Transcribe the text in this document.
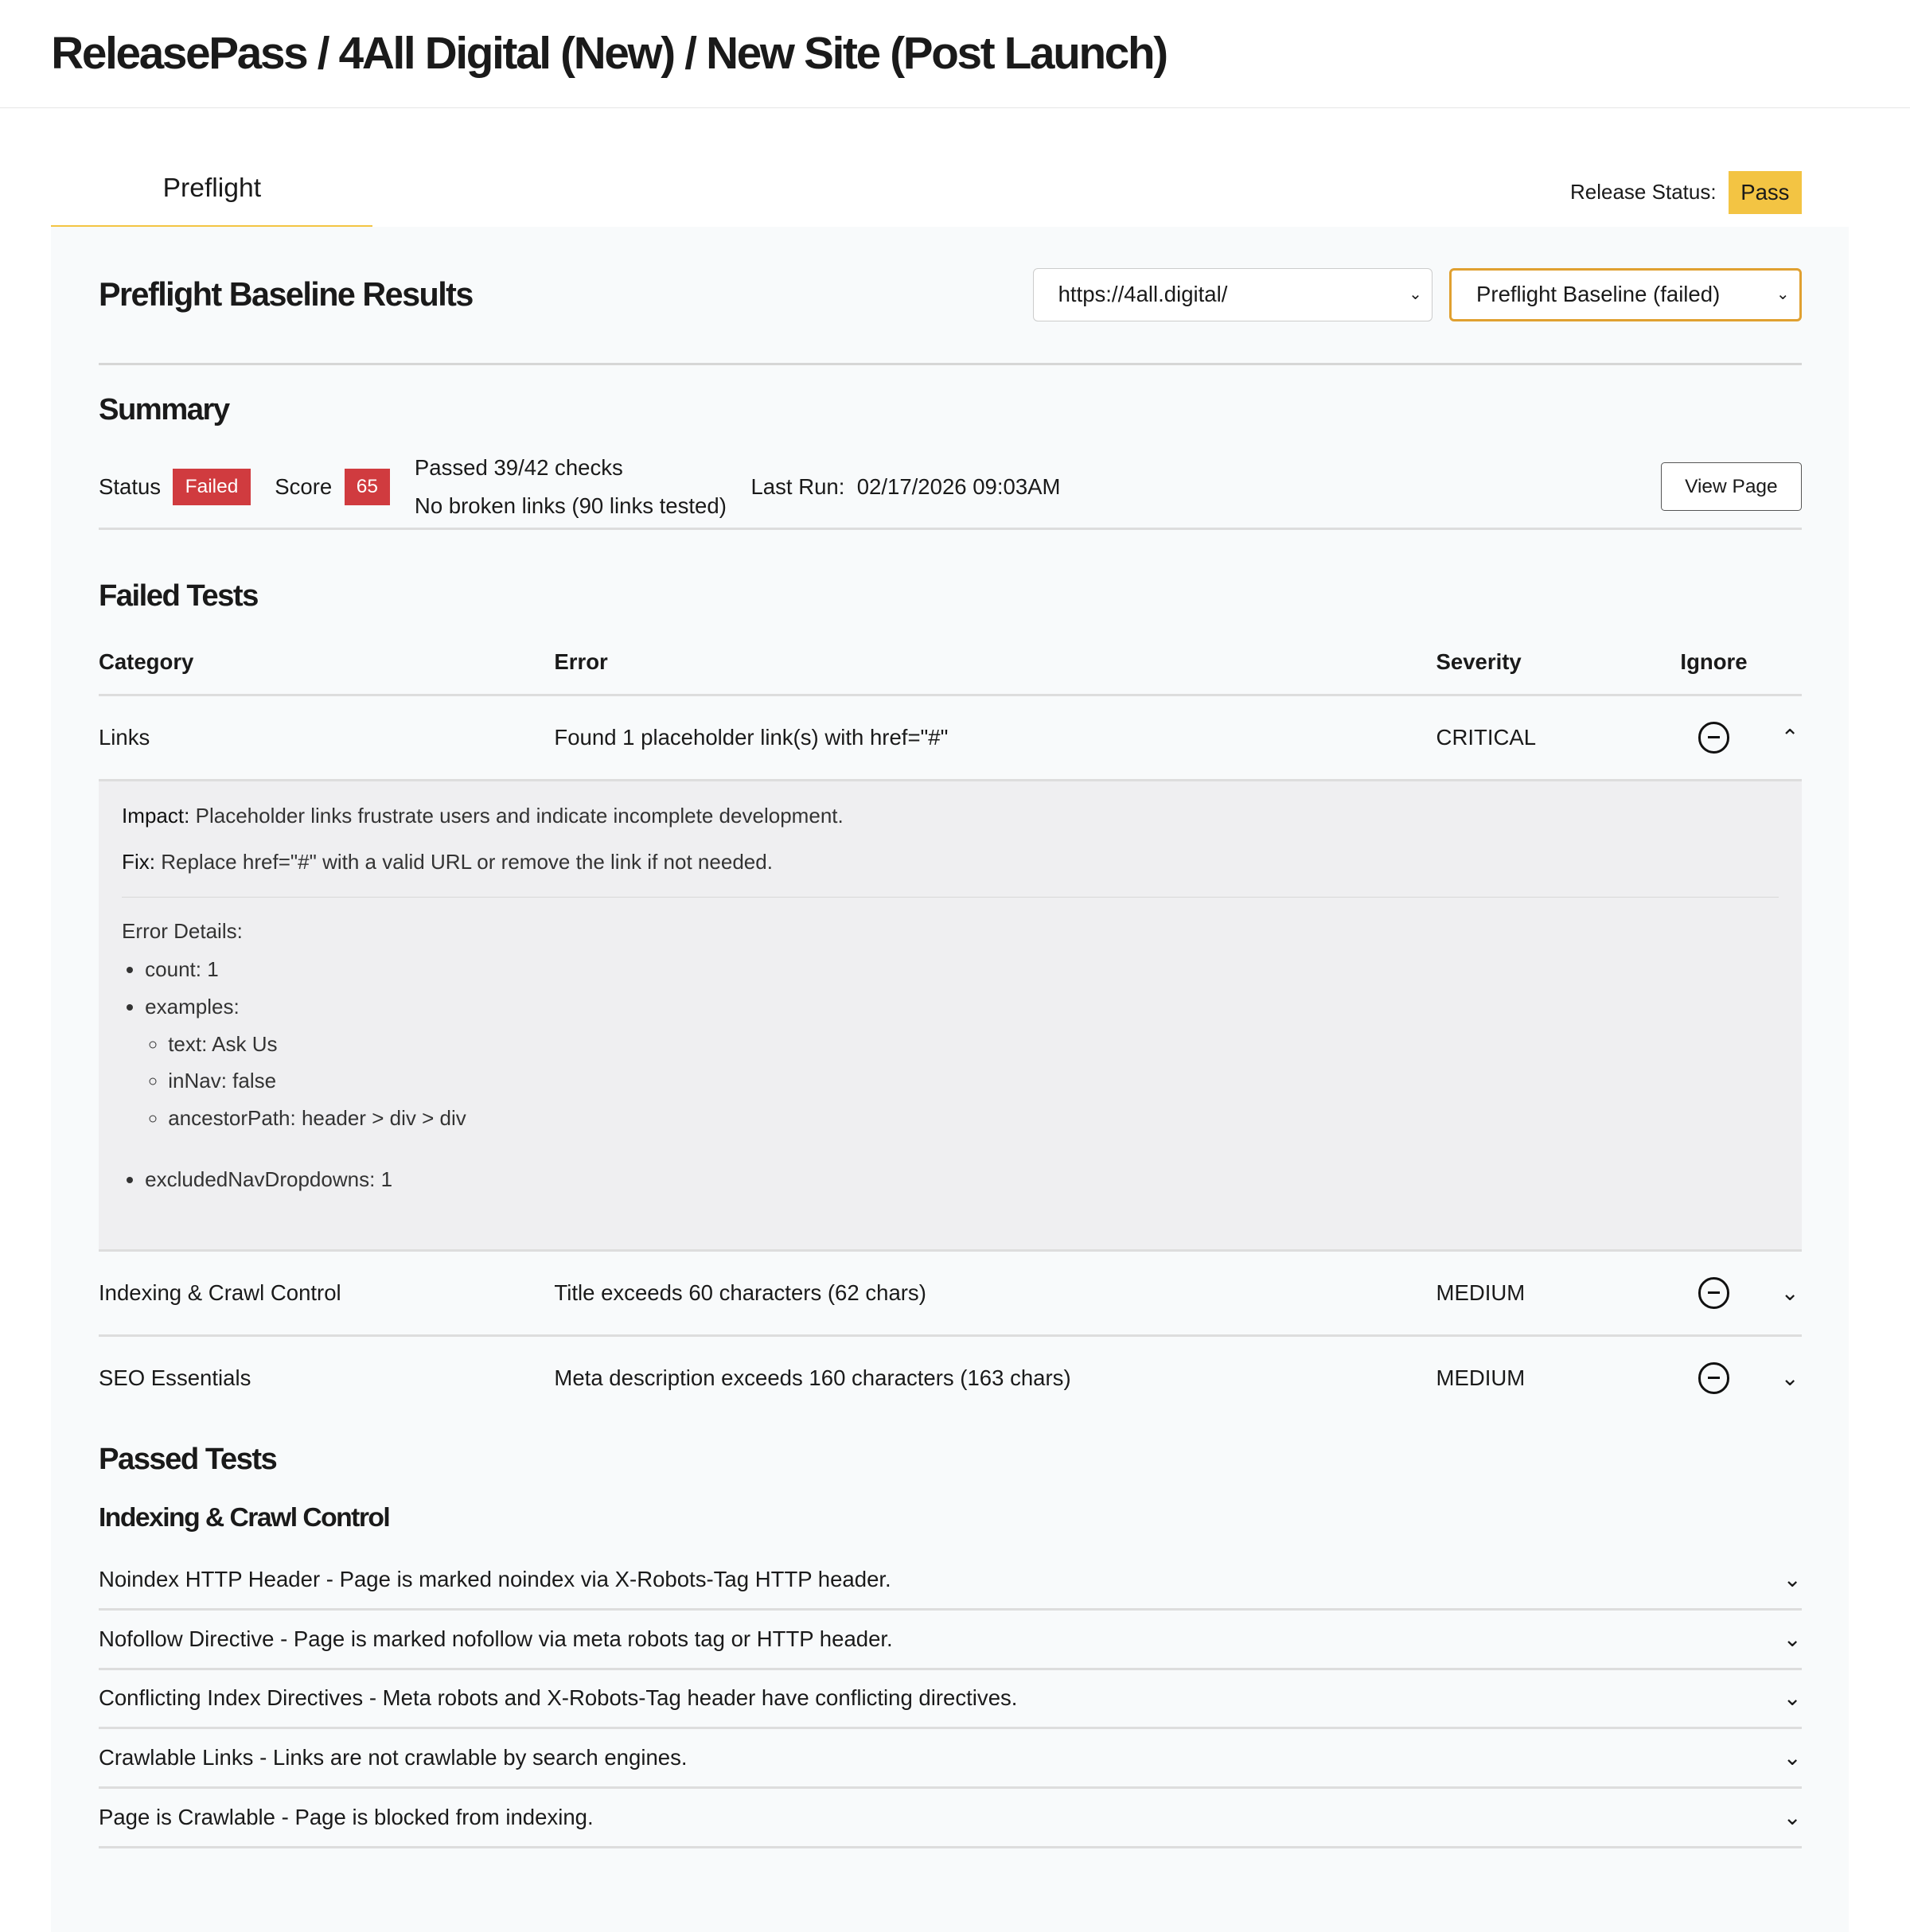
ReleasePass / 4All Digital (New) / New Site (Post Launch)
Preflight	Release Status:	Pass
Preflight Baseline Results	https://4all.digital/	⌄	Preflight Baseline (failed)	⌄
Summary
Status	Failed	Score	65
Passed 39/42 checks
No broken links (90 links tested)
Last Run: 02/17/2026 09:03AM	View Page
Failed Tests
Category	Error	Severity	Ignore
Links	Found 1 placeholder link(s) with href="#"	CRITICAL	⌃

Impact: Placeholder links frustrate users and indicate incomplete development.

Fix: Replace href="#" with a valid URL or remove the link if not needed.

Error Details:
• count: 1
• examples:
◦ text: Ask Us
◦ inNav: false
◦ ancestorPath: header > div > div
• excludedNavDropdowns: 1
Indexing & Crawl Control	Title exceeds 60 characters (62 chars)	MEDIUM	⌄
SEO Essentials	Meta description exceeds 160 characters (163 chars)	MEDIUM	⌄
Passed Tests
Indexing & Crawl Control
Noindex HTTP Header - Page is marked noindex via X-Robots-Tag HTTP header.	⌄
Nofollow Directive - Page is marked nofollow via meta robots tag or HTTP header.	⌄
Conflicting Index Directives - Meta robots and X-Robots-Tag header have conflicting directives.	⌄
Crawlable Links - Links are not crawlable by search engines.	⌄
Page is Crawlable - Page is blocked from indexing.	⌄
